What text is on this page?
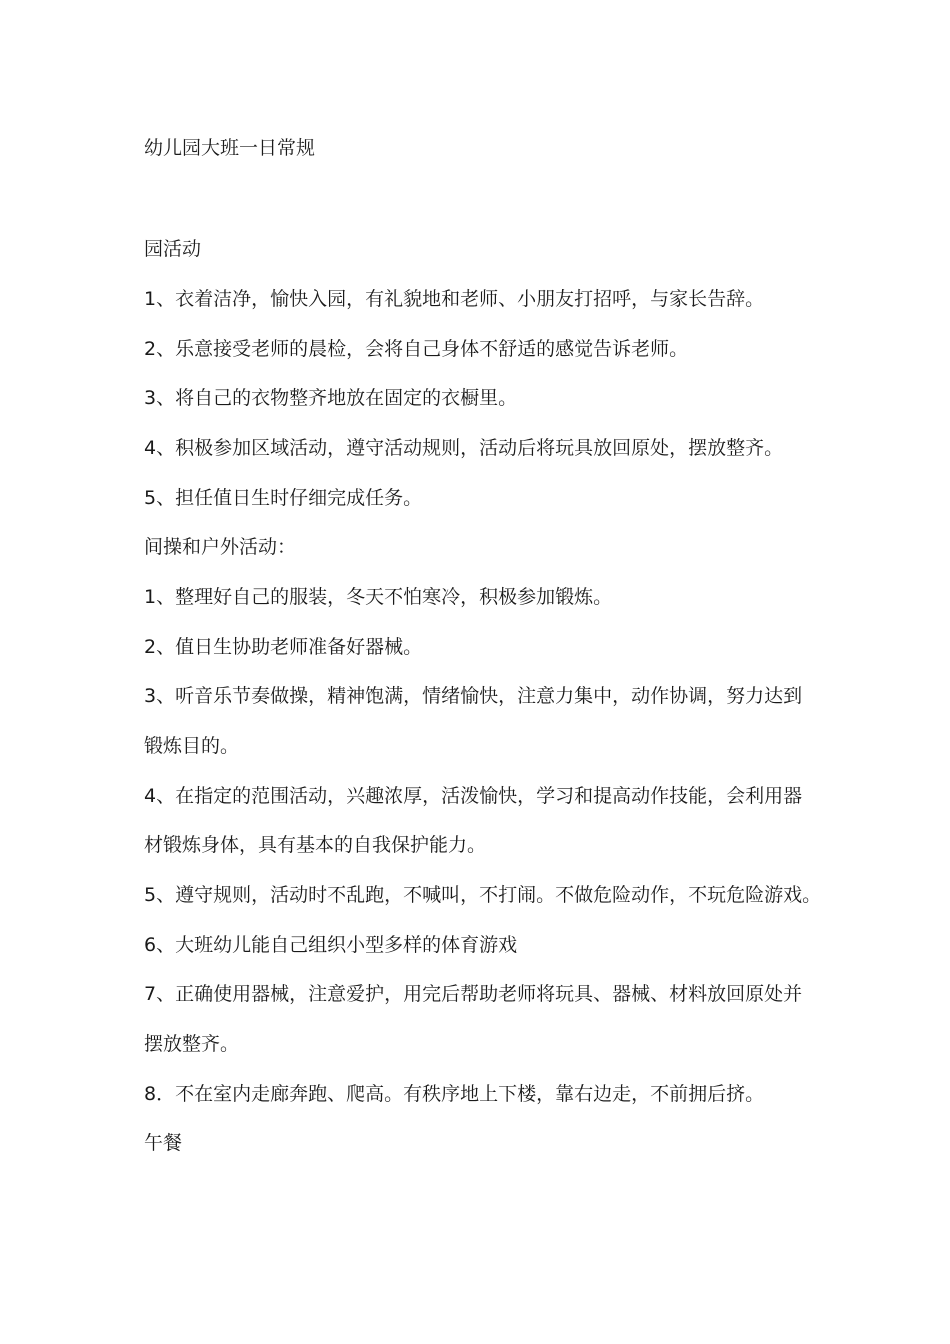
幼儿园大班一日常规

园活动

1、衣着洁净，愉快入园，有礼貌地和老师、小朋友打招呼，与家长告辞。

2、乐意接受老师的晨检，会将自己身体不舒适的感觉告诉老师。

3、将自己的衣物整齐地放在固定的衣橱里。

4、积极参加区域活动，遵守活动规则，活动后将玩具放回原处，摆放整齐。

5、担任值日生时仔细完成任务。

间操和户外活动：

1、整理好自己的服装，冬天不怕寒冷，积极参加锻炼。

2、值日生协助老师准备好器械。

3、听音乐节奏做操，精神饱满，情绪愉快，注意力集中，动作协调，努力达到

锻炼目的。

4、在指定的范围活动，兴趣浓厚，活泼愉快，学习和提高动作技能，会利用器

材锻炼身体，具有基本的自我保护能力。

5、遵守规则，活动时不乱跑，不喊叫，不打闹。不做危险动作，不玩危险游戏。

6、大班幼儿能自己组织小型多样的体育游戏

7、正确使用器械，注意爱护，用完后帮助老师将玩具、器械、材料放回原处并

摆放整齐。

8．不在室内走廊奔跑、爬高。有秩序地上下楼，靠右边走，不前拥后挤。

午餐
